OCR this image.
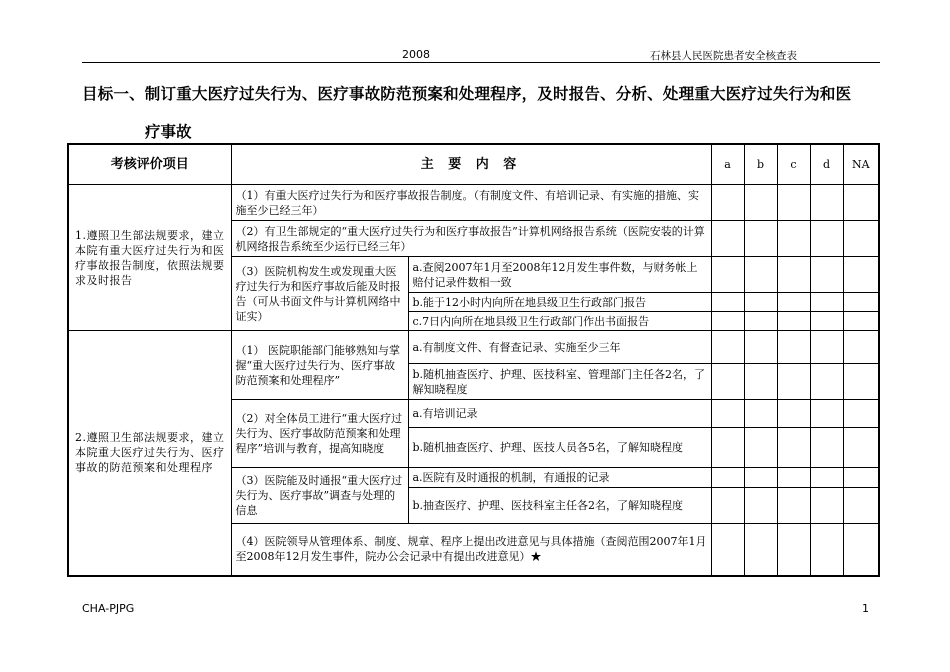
2008	石林县人民医院患者安全核查表
目标一、制订重大医疗过失行为、医疗事故防范预案和处理程序，及时报告、分析、处理重大医疗过失行为和医
疗事故
考核评价项目	主 要 内 容		a	b	c	d	NA
1.遵照卫生部法规要求，建立本院有重大医疗过失行为和医疗事故报告制度，依照法规要求及时报告	（1）有重大医疗过失行为和医疗事故报告制度。（有制度文件、有培训记录、有实施的措施、实施至少已经三年）						
	（2）有卫生部规定的“重大医疗过失行为和医疗事故报告”计算机网络报告系统（医院安装的计算机网络报告系统至少运行已经三年）						
	（3）医院机构发生或发现重大医疗过失行为和医疗事故后能及时报告（可从书面文件与计算机网络中证实）	a.查阅2007年1月至2008年12月发生事件数，与财务帐上赔付记录件数相一致					
		b.能于12小时内向所在地县级卫生行政部门报告					
		c.7日内向所在地县级卫生行政部门作出书面报告					
2.遵照卫生部法规要求，建立本院重大医疗过失行为、医疗事故的防范预案和处理程序	（1） 医院职能部门能够熟知与掌握“重大医疗过失行为、医疗事故防范预案和处理程序”	a.有制度文件、有督查记录、实施至少三年					
		b.随机抽查医疗、护理、医技科室、管理部门主任各2名，了解知晓程度					
	（2）对全体员工进行“重大医疗过失行为、医疗事故防范预案和处理程序”培训与教育，提高知晓度	a.有培训记录					
		b.随机抽查医疗、护理、医技人员各5名，了解知晓程度					
	（3）医院能及时通报“重大医疗过失行为、医疗事故”调查与处理的信息	a.医院有及时通报的机制，有通报的记录					
		b.抽查医疗、护理、医技科室主任各2名，了解知晓程度					
	（4）医院领导从管理体系、制度、规章、程序上提出改进意见与具体措施（查阅范围2007年1月至2008年12月发生事件，院办公会记录中有提出改进意见）★						
CHA-PJPG	1
